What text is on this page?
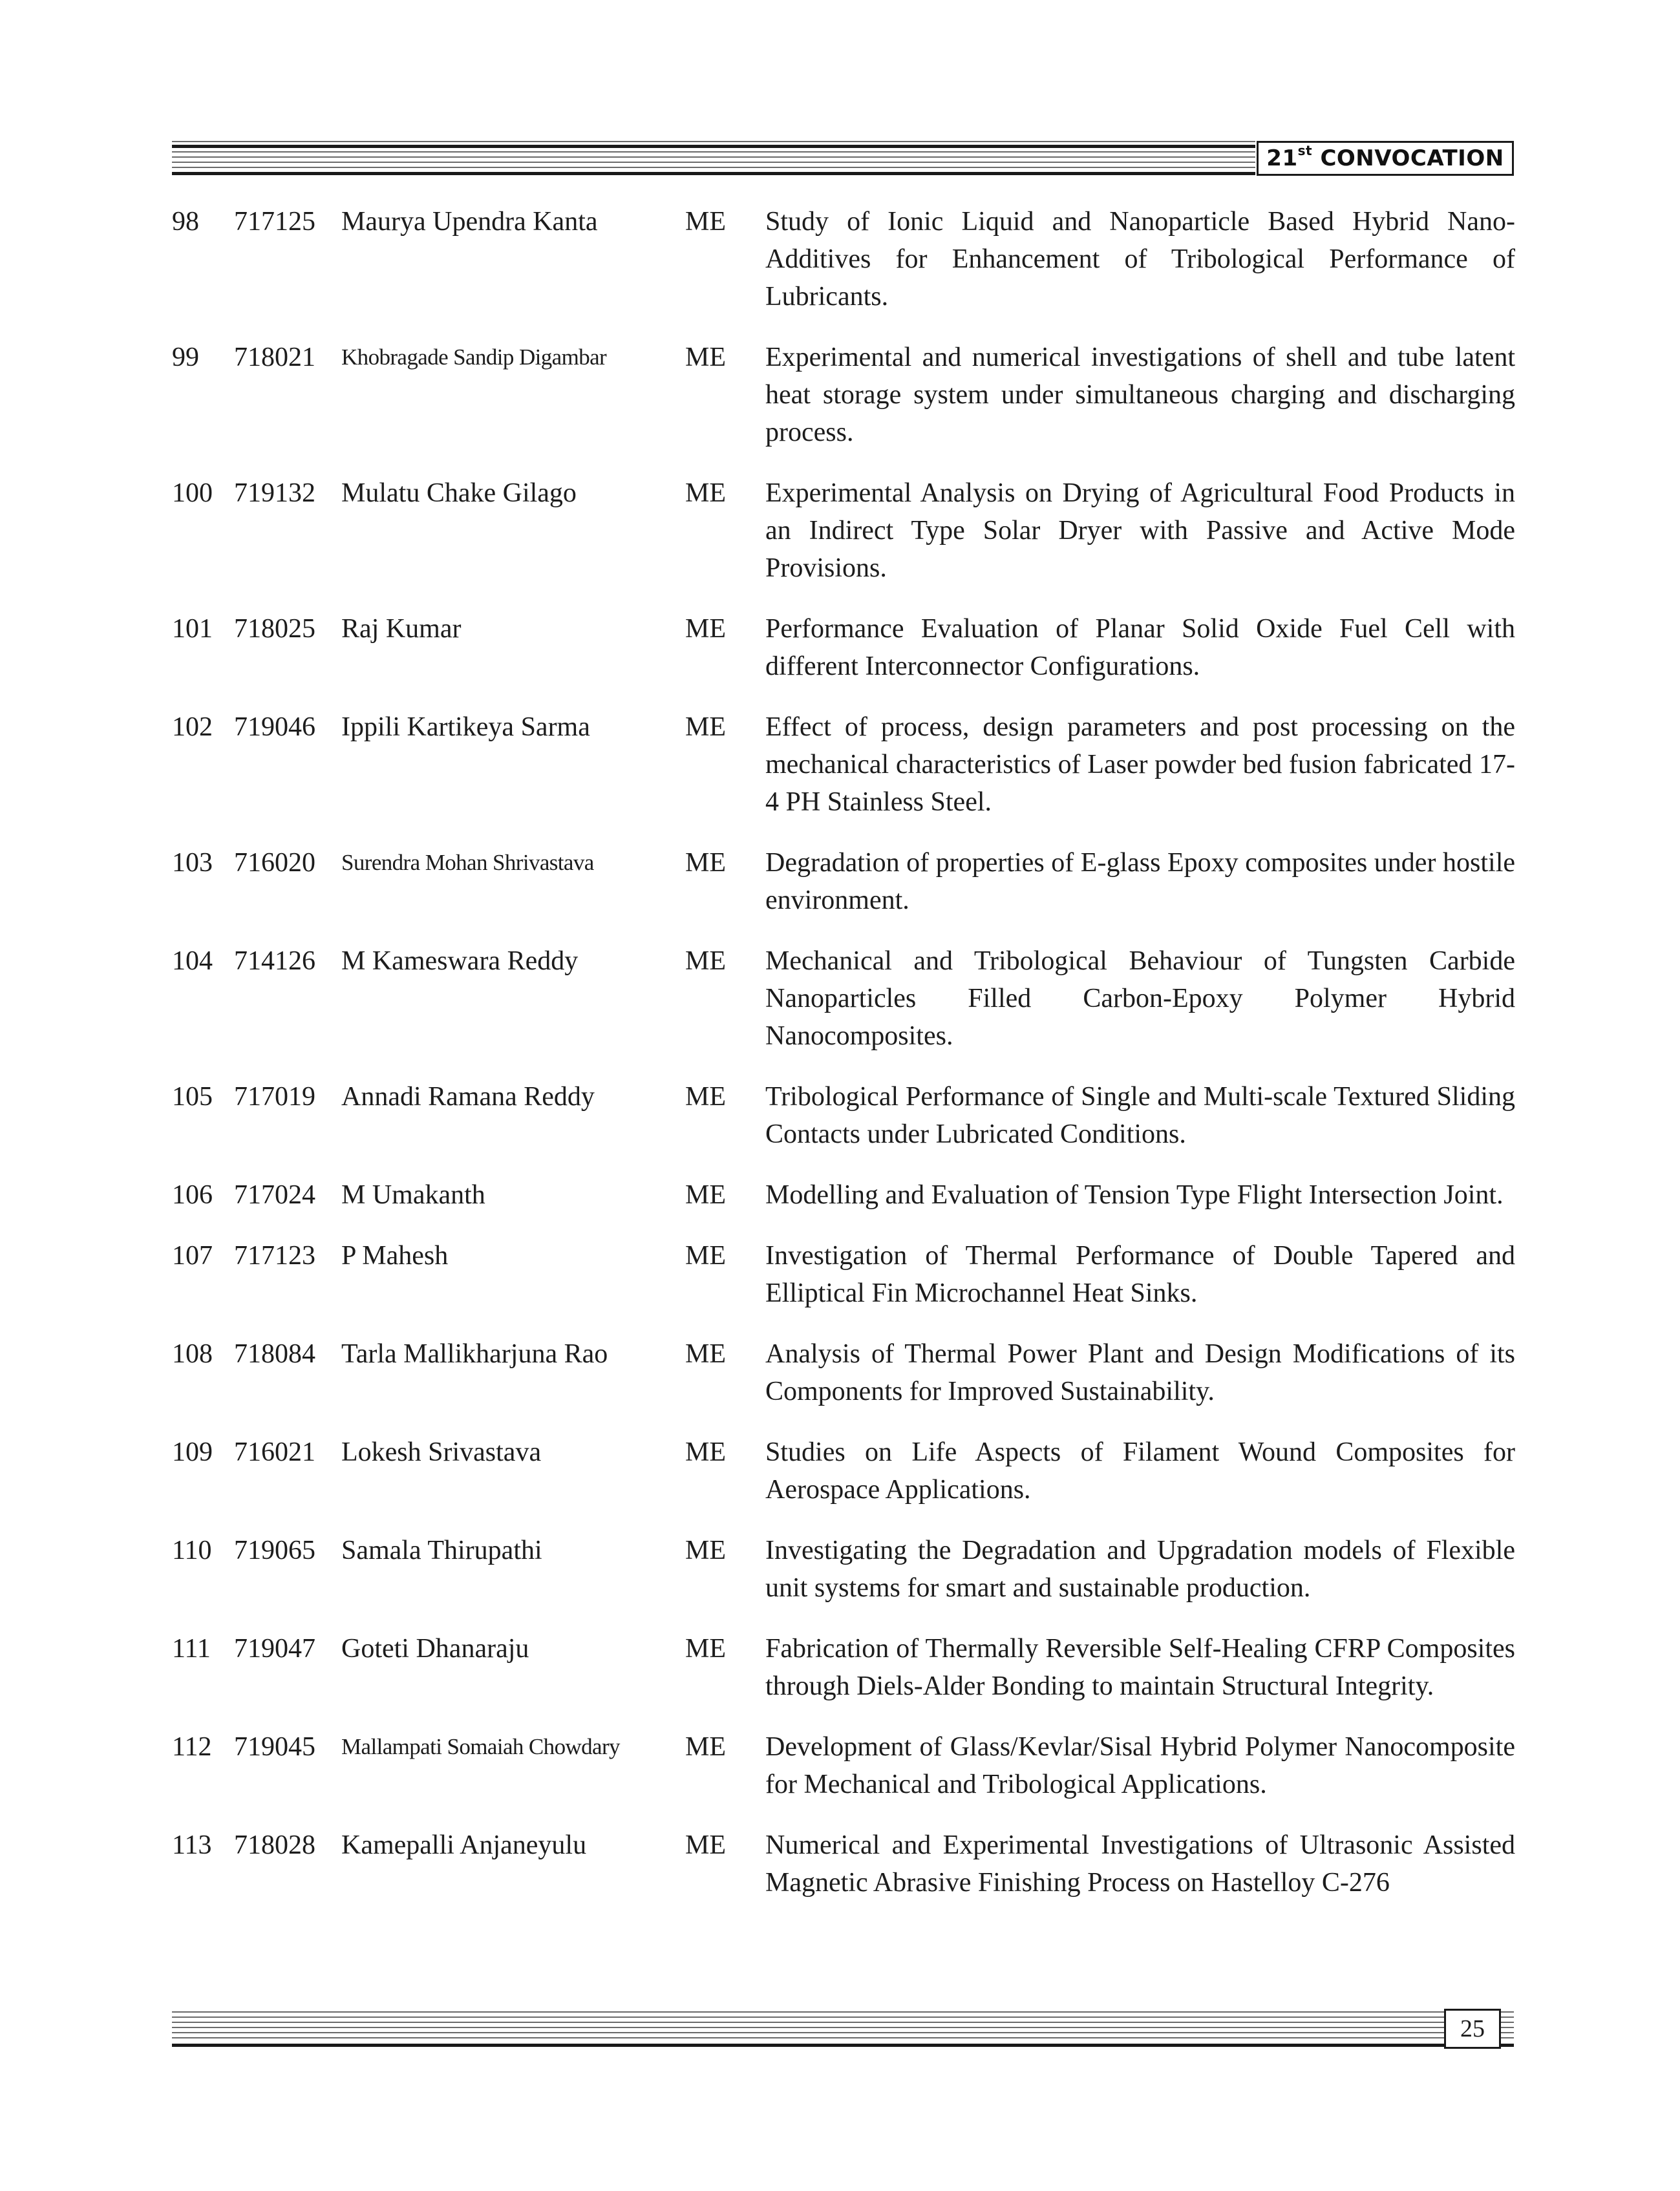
21st CONVOCATION
98	717125 Maurya Upendra Kanta	ME	Study of Ionic Liquid and Nanoparticle Based Hybrid Nano-Additives for Enhancement of Tribological Performance of Lubricants.
99	718021	Khobragade Sandip Digambar	ME	Experimental and numerical investigations of shell and tube latent heat storage system under simultaneous charging and discharging process.
100 719132 Mulatu Chake Gilago	ME	Experimental Analysis on Drying of Agricultural Food Products in an Indirect Type Solar Dryer with Passive and Active Mode Provisions.
101 718025 Raj Kumar	ME	Performance Evaluation of Planar Solid Oxide Fuel Cell with different Interconnector Configurations.
102 719046 Ippili Kartikeya Sarma	ME	Effect of process, design parameters and post processing on the mechanical characteristics of Laser powder bed fusion fabricated 17-4 PH Stainless Steel.
103 716020	Surendra Mohan Shrivastava	ME	Degradation of properties of E-glass Epoxy composites under hostile environment.
104 714126 M Kameswara Reddy	ME	Mechanical and Tribological Behaviour of Tungsten Carbide Nanoparticles Filled Carbon-Epoxy Polymer Hybrid Nanocomposites.
105 717019 Annadi Ramana Reddy	ME	Tribological Performance of Single and Multi-scale Textured Sliding Contacts under Lubricated Conditions.
106 717024 M Umakanth	ME	Modelling and Evaluation of Tension Type Flight Intersection Joint.
107 717123 P Mahesh	ME	Investigation of Thermal Performance of Double Tapered and Elliptical Fin Microchannel Heat Sinks.
108 718084 Tarla Mallikharjuna Rao	ME	Analysis of Thermal Power Plant and Design Modifications of its Components for Improved Sustainability.
109 716021 Lokesh Srivastava	ME	Studies on Life Aspects of Filament Wound Composites for Aerospace Applications.
110 719065 Samala Thirupathi	ME	Investigating the Degradation and Upgradation models of Flexible unit systems for smart and sustainable production.
111 719047 Goteti Dhanaraju	ME	Fabrication of Thermally Reversible Self-Healing CFRP Composites through Diels-Alder Bonding to maintain Structural Integrity.
112 719045	Mallampati Somaiah Chowdary	ME	Development of Glass/Kevlar/Sisal Hybrid Polymer Nanocomposite for Mechanical and Tribological Applications.
113 718028 Kamepalli Anjaneyulu	ME	Numerical and Experimental Investigations of Ultrasonic Assisted Magnetic Abrasive Finishing Process on Hastelloy C-276
25
